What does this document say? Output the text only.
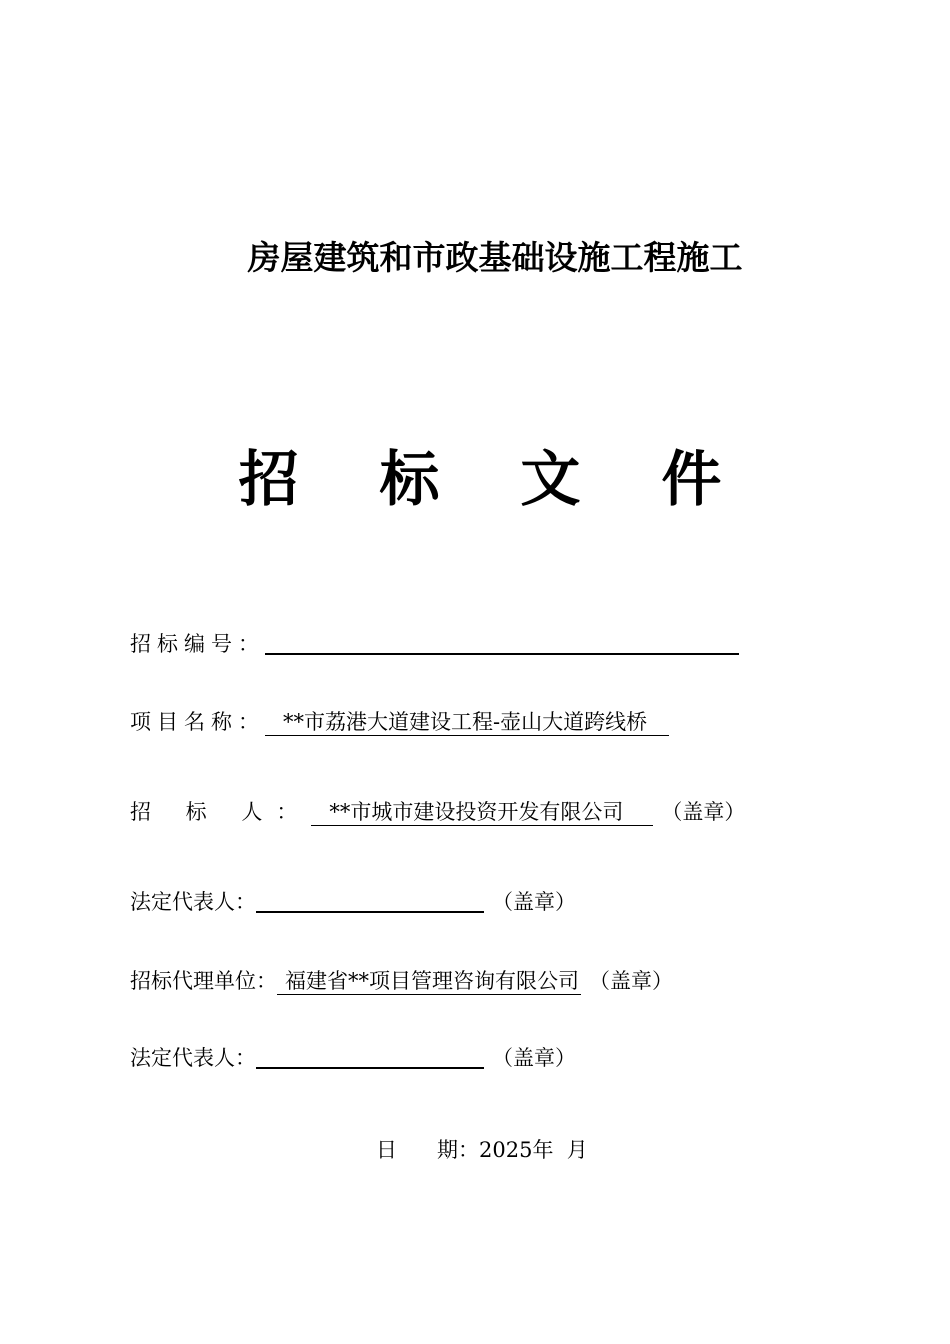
房屋建筑和市政基础设施工程施工
招 标 文 件
招标编号：
项目名称： **市荔港大道建设工程-壶山大道跨线桥
招 标 人： **市城市建设投资开发有限公司	（盖章）
法定代表人：	（盖章）
招标代理单位： 福建省**项目管理咨询有限公司 （盖章）
法定代表人：	（盖章）
日 期：2025年  月
